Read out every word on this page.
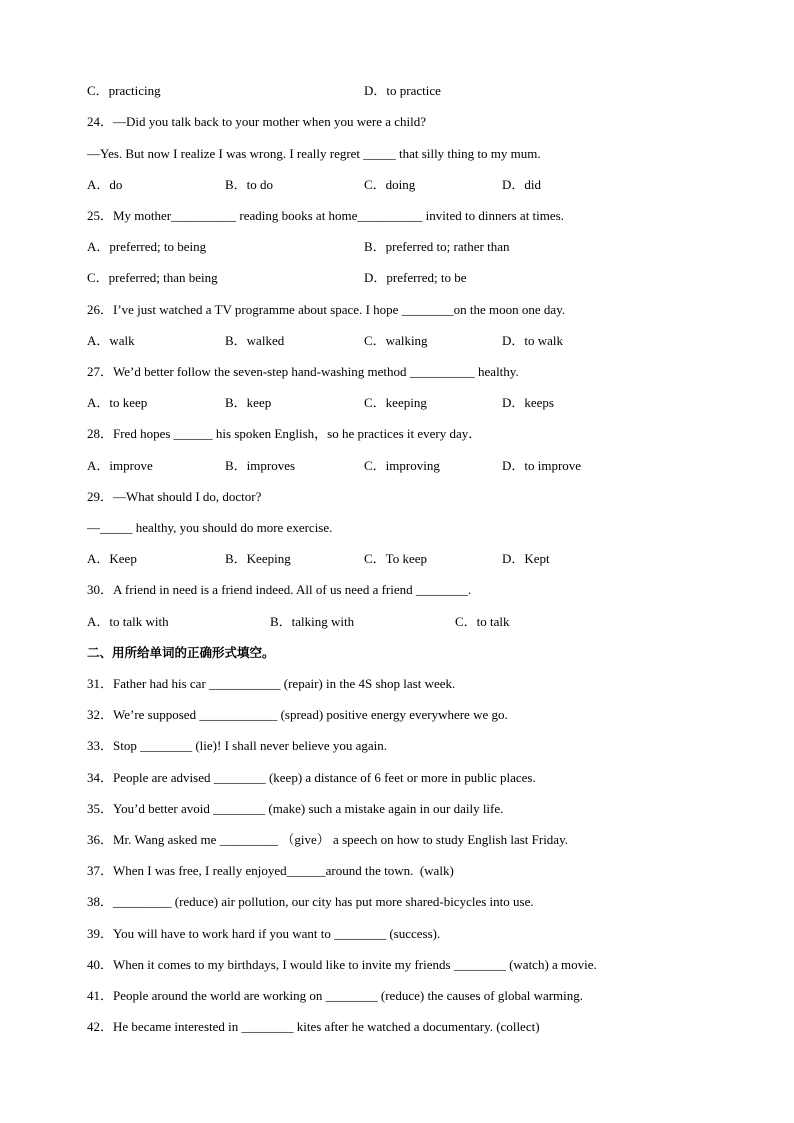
C．practicing

	D．to practice

24．—Did you talk back to your mother when you were a child?

—Yes. But now I realize I was wrong. I really regret _____ that silly thing to my mum.

A．do

	B．to do

	C．doing

	D．did

25．My mother__________ reading books at home__________ invited to dinners at times.

A．preferred; to being

	B．preferred to; rather than

C．preferred; than being

	D．preferred; to be

26．I’ve just watched a TV programme about space. I hope ________on the moon one day.

A．walk

	B．walked

	C．walking

	D．to walk

27．We’d better follow the seven-step hand-washing method __________ healthy.

A．to keep

	B．keep

	C．keeping

	D．keeps

28．Fred hopes ______ his spoken English，so he practices it every day．

A．improve

	B．improves

	C．improving

	D．to improve

29．—What should I do, doctor?

—_____ healthy, you should do more exercise.

A．Keep

	B．Keeping

	C．To keep

	D．Kept

30．A friend in need is a friend indeed. All of us need a friend ________.

A．to talk with

	B．talking with

	C．to talk

二、用所给单词的正确形式填空。

31．Father had his car ___________ (repair) in the 4S shop last week.

32．We’re supposed ____________ (spread) positive energy everywhere we go.

33．Stop ________ (lie)! I shall never believe you again.

34．People are advised ________ (keep) a distance of 6 feet or more in public places.

35．You’d better avoid ________ (make) such a mistake again in our daily life.

36．Mr. Wang asked me _________ （give） a speech on how to study English last Friday.

37．When I was free, I really enjoyed______around the town.  (walk)

38．_________ (reduce) air pollution, our city has put more shared-bicycles into use.

39．You will have to work hard if you want to ________ (success).

40．When it comes to my birthdays, I would like to invite my friends ________ (watch) a movie.

41．People around the world are working on ________ (reduce) the causes of global warming.

42．He became interested in ________ kites after he watched a documentary. (collect)
